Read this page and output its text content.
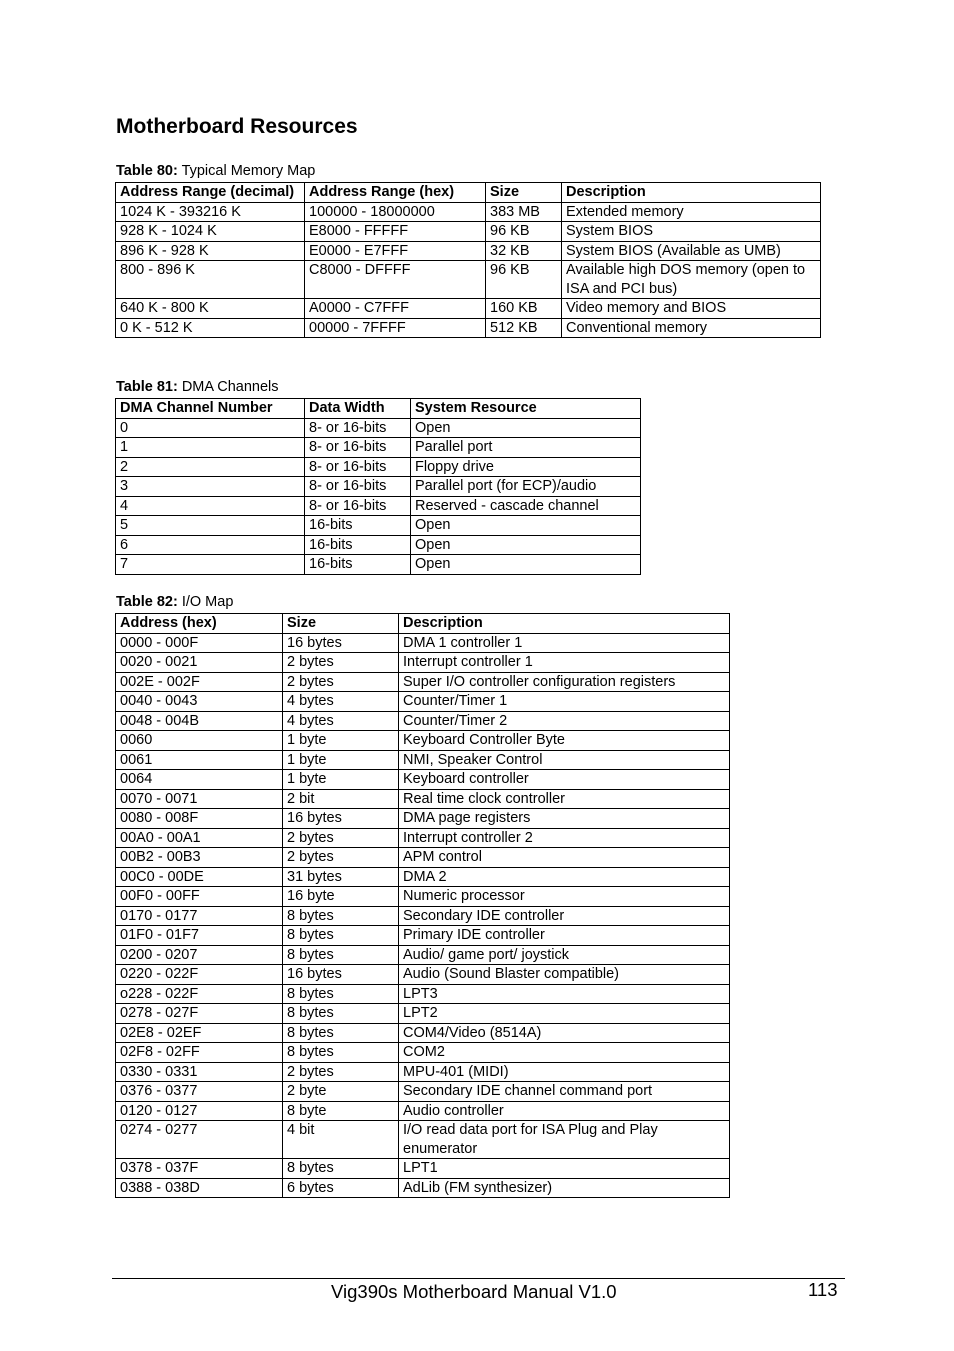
Motherboard Resources
Table 80: Typical Memory Map
Address Range (decimal)	Address Range (hex)	Size	Description
1024 K - 393216 K	100000 - 18000000	383 MB	Extended memory
928 K - 1024 K	E8000 - FFFFF	96 KB	System BIOS
896 K - 928 K	E0000 - E7FFF	32 KB	System BIOS (Available as UMB)
800 - 896 K	C8000 - DFFFF	96 KB	Available high DOS memory (open to ISA and PCI bus)
640 K - 800 K	A0000 - C7FFF	160 KB	Video memory and BIOS
0 K - 512 K	00000 - 7FFFF	512 KB	Conventional memory
Table 81: DMA Channels
DMA Channel Number	Data Width	System Resource
0	8- or 16-bits	Open
1	8- or 16-bits	Parallel port
2	8- or 16-bits	Floppy drive
3	8- or 16-bits	Parallel port (for ECP)/audio
4	8- or 16-bits	Reserved - cascade channel
5	16-bits	Open
6	16-bits	Open
7	16-bits	Open
Table 82: I/O Map
Address (hex)	Size	Description
0000 - 000F	16 bytes	DMA 1 controller 1
0020 - 0021	2 bytes	Interrupt controller 1
002E - 002F	2 bytes	Super I/O controller configuration registers
0040 - 0043	4 bytes	Counter/Timer 1
0048 - 004B	4 bytes	Counter/Timer 2
0060	1 byte	Keyboard Controller Byte
0061	1 byte	NMI, Speaker Control
0064	1 byte	Keyboard controller
0070 - 0071	2 bit	Real time clock controller
0080 - 008F	16 bytes	DMA page registers
00A0 - 00A1	2 bytes	Interrupt controller 2
00B2 - 00B3	2 bytes	APM control
00C0 - 00DE	31 bytes	DMA 2
00F0 - 00FF	16 byte	Numeric processor
0170 - 0177	8 bytes	Secondary IDE controller
01F0 - 01F7	8 bytes	Primary IDE controller
0200 - 0207	8 bytes	Audio/ game port/ joystick
0220 - 022F	16 bytes	Audio (Sound Blaster compatible)
o228 - 022F	8 bytes	LPT3
0278 - 027F	8 bytes	LPT2
02E8 - 02EF	8 bytes	COM4/Video (8514A)
02F8 - 02FF	8 bytes	COM2
0330 - 0331	2 bytes	MPU-401 (MIDI)
0376 - 0377	2 byte	Secondary IDE channel command port
0120 - 0127	8 byte	Audio controller
0274 - 0277	4 bit	I/O read data port for ISA Plug and Play enumerator
0378 - 037F	8 bytes	LPT1
0388 - 038D	6 bytes	AdLib (FM synthesizer)
Vig390s Motherboard Manual V1.0	113
